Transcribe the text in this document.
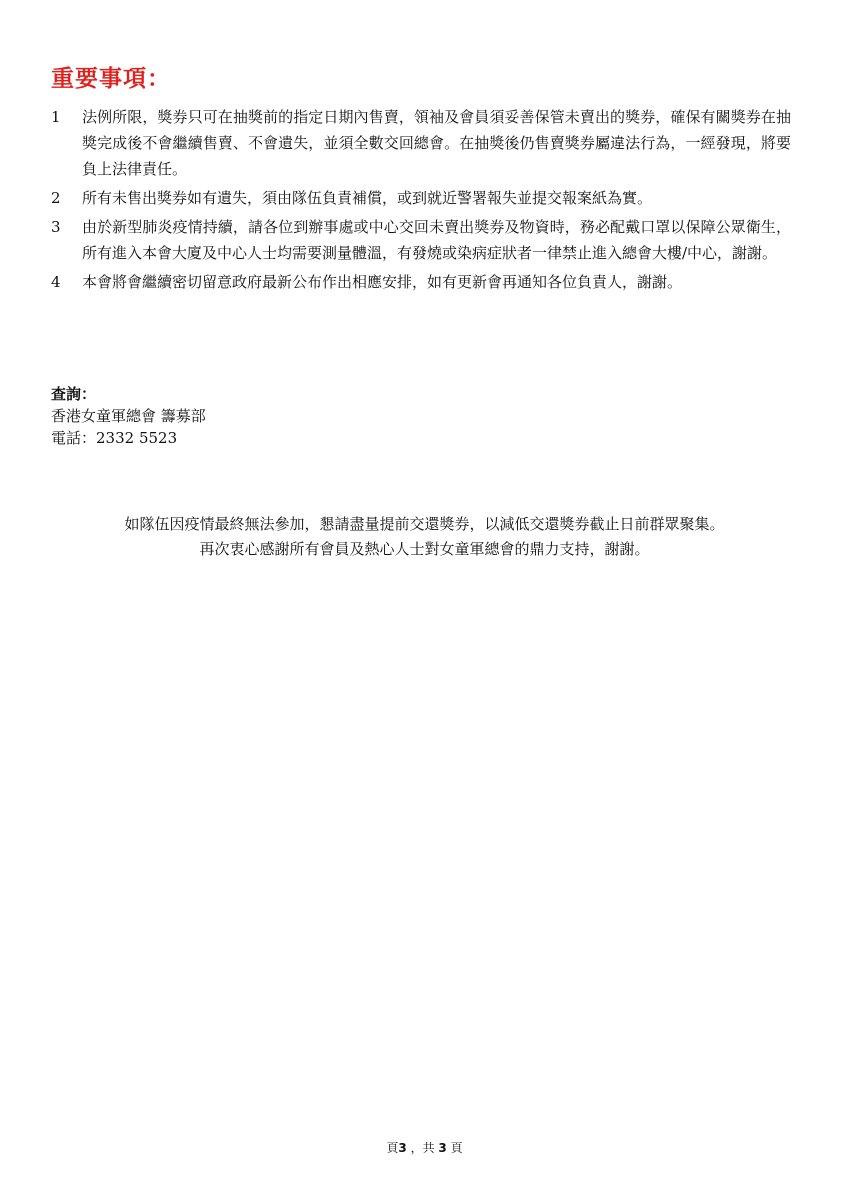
重要事項：
1	法例所限，獎券只可在抽獎前的指定日期內售賣，領袖及會員須妥善保管未賣出的獎券，確保有關獎券在抽獎完成後不會繼續售賣、不會遺失，並須全數交回總會。在抽獎後仍售賣獎券屬違法行為，一經發現，將要負上法律責任。
2	所有未售出獎券如有遺失，須由隊伍負責補償，或到就近警署報失並提交報案紙為實。
3	由於新型肺炎疫情持續，請各位到辦事處或中心交回未賣出獎券及物資時，務必配戴口罩以保障公眾衛生，所有進入本會大廈及中心人士均需要測量體溫，有發燒或染病症狀者一律禁止進入總會大樓/中心，謝謝。
4	本會將會繼續密切留意政府最新公布作出相應安排，如有更新會再通知各位負責人，謝謝。
查詢：
香港女童軍總會 籌募部
電話：2332 5523
如隊伍因疫情最終無法參加，懇請盡量提前交還獎券，以減低交還獎券截止日前群眾聚集。
再次衷心感謝所有會員及熱心人士對女童軍總會的鼎力支持，謝謝。
頁3 ，共 3 頁
